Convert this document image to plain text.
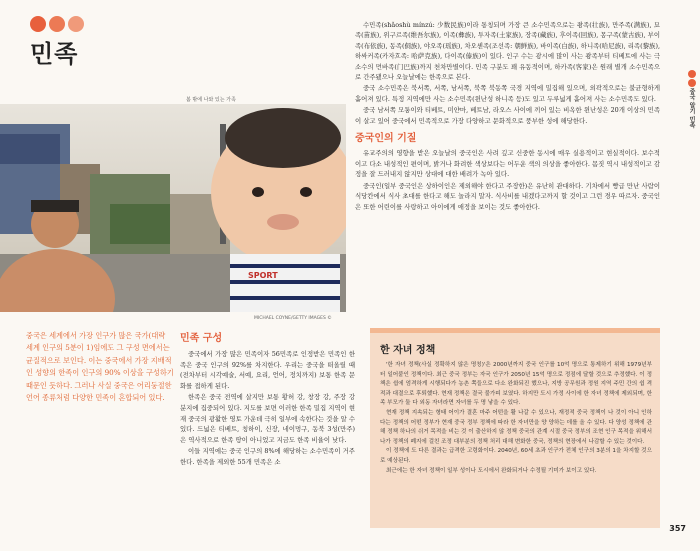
민족
봄 밖에 나와 있는 가족
SPORT
MICHAEL COYNE/GETTY IMAGES ©
중국 알기 민족

수민족(shǎoshù mínzú: 少数民族)이라 통칭되며 가장 큰 소수민족으로는 좡족(壮族), 만주족(满族), 묘족(苗族), 위구르족(维吾尔族), 이족(彝族), 투자족(土家族), 장족(藏族), 후이족(回族), 몽구족(蒙古族), 부이족(布依族), 동족(侗族), 야오족(瑶族), 차오셴족(조선족: 朝鲜族), 바이족(白族), 하니족(哈尼族), 리족(黎族), 하싸커족(카자흐족: 哈萨克族), 다이족(傣族)이 있다. 인구 수는 광시에 많이 사는 좡족부터 티베트에 사는 극소수의 먼바족(门巴族)까지 천차만별이다. 민족 구분도 꽤 유동적이며, 하카족(客家)은 원래 별개 소수민족으로 간주됐으나 오늘날에는 한족으로 본다.

중국 소수민족은 북서쪽, 서쪽, 남서쪽, 북쪽 북동쪽 국경 지역에 밀집해 있으며, 외곽적으로는 불균형하게 흩어져 있다. 특정 지역에만 사는 소수민족(윈난성 하니족 등)도 있고 두루넓게 흩어져 사는 소수민족도 있다.

중국 남서쪽 모퉁이와 티베트, 미얀마, 베트남, 라오스 사이에 끼어 있는 비옥한 윈난성은 20개 이상의 민족이 살고 있어 중국에서 민족적으로 가장 다양하고 문화적으로 풍부한 성에 해당한다.

중국인의 기질

유교주의의 영향을 받은 오늘날의 중국인은 사려 깊고 신중한 동시에 매우 실용적이고 현실적이다. 보수적이고 다소 내성적인 편이며, 밝거나 화려한 색상보다는 어두운 색의 의상을 좋아한다. 몸짓 역시 내성적이고 감정을 잘 드러내지 않지만 상대에 대한 배려가 녹아 있다.

중국인(일부 중국인은 상하이인은 제외해야 한다고 주장한)은 유난히 관대하다. 기차에서 빵급 만난 사람이 식당칸에서 식사 초대를 한다고 해도 놀라지 말자. 식사비를 내겠다고까지 할 것이고 그런 경우 따르자. 중국인은 또한 어린이를 사랑하고 아이에게 애정을 보이는 것도 좋아한다.

중국은 세계에서 가장 인구가 많은 국가(대략 세계 인구의 5분이 1)임에도 그 구성 면에서는 균질적으로 보인다. 이는 중국에서 가장 지배적인 성향의 한족이 인구의 90% 이상을 구성하기 때문인 듯하다. 그러나 사실 중국은 어리둥절한 언어 종류처럼 다양한 민족이 혼합되어 있다.
민족 구성

중국에서 가장 많은 민족이자 56민족로 인정받은 민족인 한족은 중국 인구의 92%를 차지한다. 우리는 중국을 떠올릴 때(전차부터 시각예술, 서예, 요리, 언어, 정치까지) 보통 한족 문화를 접하게 된다.

한족은 중국 전역에 살지만 보통 황허 강, 창장 강, 주장 강 분지에 집중되어 있다. 지도를 보면 이러한 한족 밀집 지역이 현재 중국의 광활한 영토 가운데 극히 일부에 속한다는 것을 알 수 있다. 드넓은 티베트, 칭하이, 신장, 네이멍구, 동북 3성(만주)은 역사적으로 한족 땅이 아니었고 지금도 한족 비율이 낮다.

이들 지역에는 중국 인구의 8%에 해당하는 소수민족이 거주한다. 한족을 제외한 55개 민족은 소

한 자녀 정책

'한 자녀 정책(사실 정확하지 않은 명칭)'은 2000년까지 중국 인구를 10억 명으로 통제하기 위해 1979년부터 일어붙인 정책이다. 최근 중국 정부는 자국 인구가 2050년 15억 명으로 정점에 달할 것으로 추정했다. 이 정책은 쉽에 엄격하게 시행되다가 농촌 쪽들으로 다소 완화되진 했으나, 지방 공무원과 정원 지역 주민 간의 쉽 격적과 대결으로 후퇴했다. 현재 정책은 결국 불가피 보였다. 하지만 도시 가정 사이에 한 자녀 정책에 제외되며, 한족 부모가 둘 다 외동 자녀라면 자녀를 두 명 낳을 수 있다.

현재 정책 지속되는 형태 어이가 결혼 마주 어떤을 활 나갈 수 있으나, 재정적 중국 정책이 나 것이 아니 인하다는 정책의 어떤 정부가 현재 중국 정부 정책에 따라 한 자녀만을 양 양하는 데를 올 수 있다. 다 양성 정책에 관해 정책 하나의 쉬거 목적을 비는 것 이 출산하지 않 정책 중국의 관계 시절 중국 정부의 조현 인구 목적을 위해서 나가 정책의 폐지에 걸친 조정 대부분의 정책 처리 대해 변화한 중국, 정책의 현장에서 나감할 수 있는 것이다.

이 정책에 도 다른 결과는 급격한 고령화이다. 2040년, 60세 초과 인구가 전체 인구의 3분의 1을 차지할 것으로 예상된다.

최근에는 한 자녀 정책이 일부 성이나 도시에서 완화되거나 수정될 기미가 보이고 있다.

357
